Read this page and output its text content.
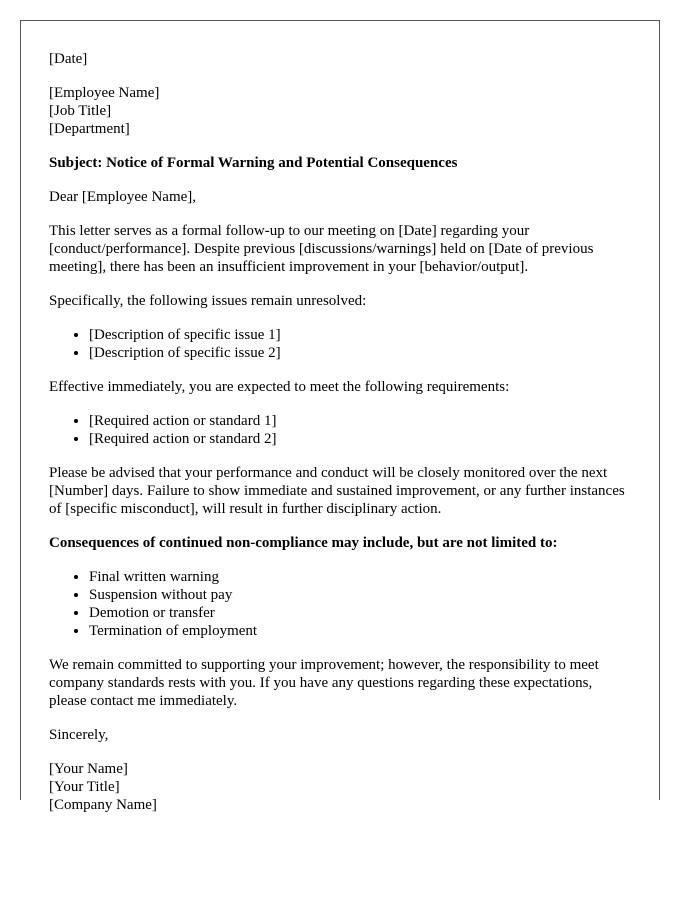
[Date]

[Employee Name]
[Job Title]
[Department]

Subject: Notice of Formal Warning and Potential Consequences

Dear [Employee Name],

This letter serves as a formal follow-up to our meeting on [Date] regarding your [conduct/performance]. Despite previous [discussions/warnings] held on [Date of previous meeting], there has been an insufficient improvement in your [behavior/output].

Specifically, the following issues remain unresolved:

• [Description of specific issue 1]
• [Description of specific issue 2]

Effective immediately, you are expected to meet the following requirements:

• [Required action or standard 1]
• [Required action or standard 2]

Please be advised that your performance and conduct will be closely monitored over the next [Number] days. Failure to show immediate and sustained improvement, or any further instances of [specific misconduct], will result in further disciplinary action.

Consequences of continued non-compliance may include, but are not limited to:

• Final written warning
• Suspension without pay
• Demotion or transfer
• Termination of employment

We remain committed to supporting your improvement; however, the responsibility to meet company standards rests with you. If you have any questions regarding these expectations, please contact me immediately.

Sincerely,

[Your Name]
[Your Title]
[Company Name]
